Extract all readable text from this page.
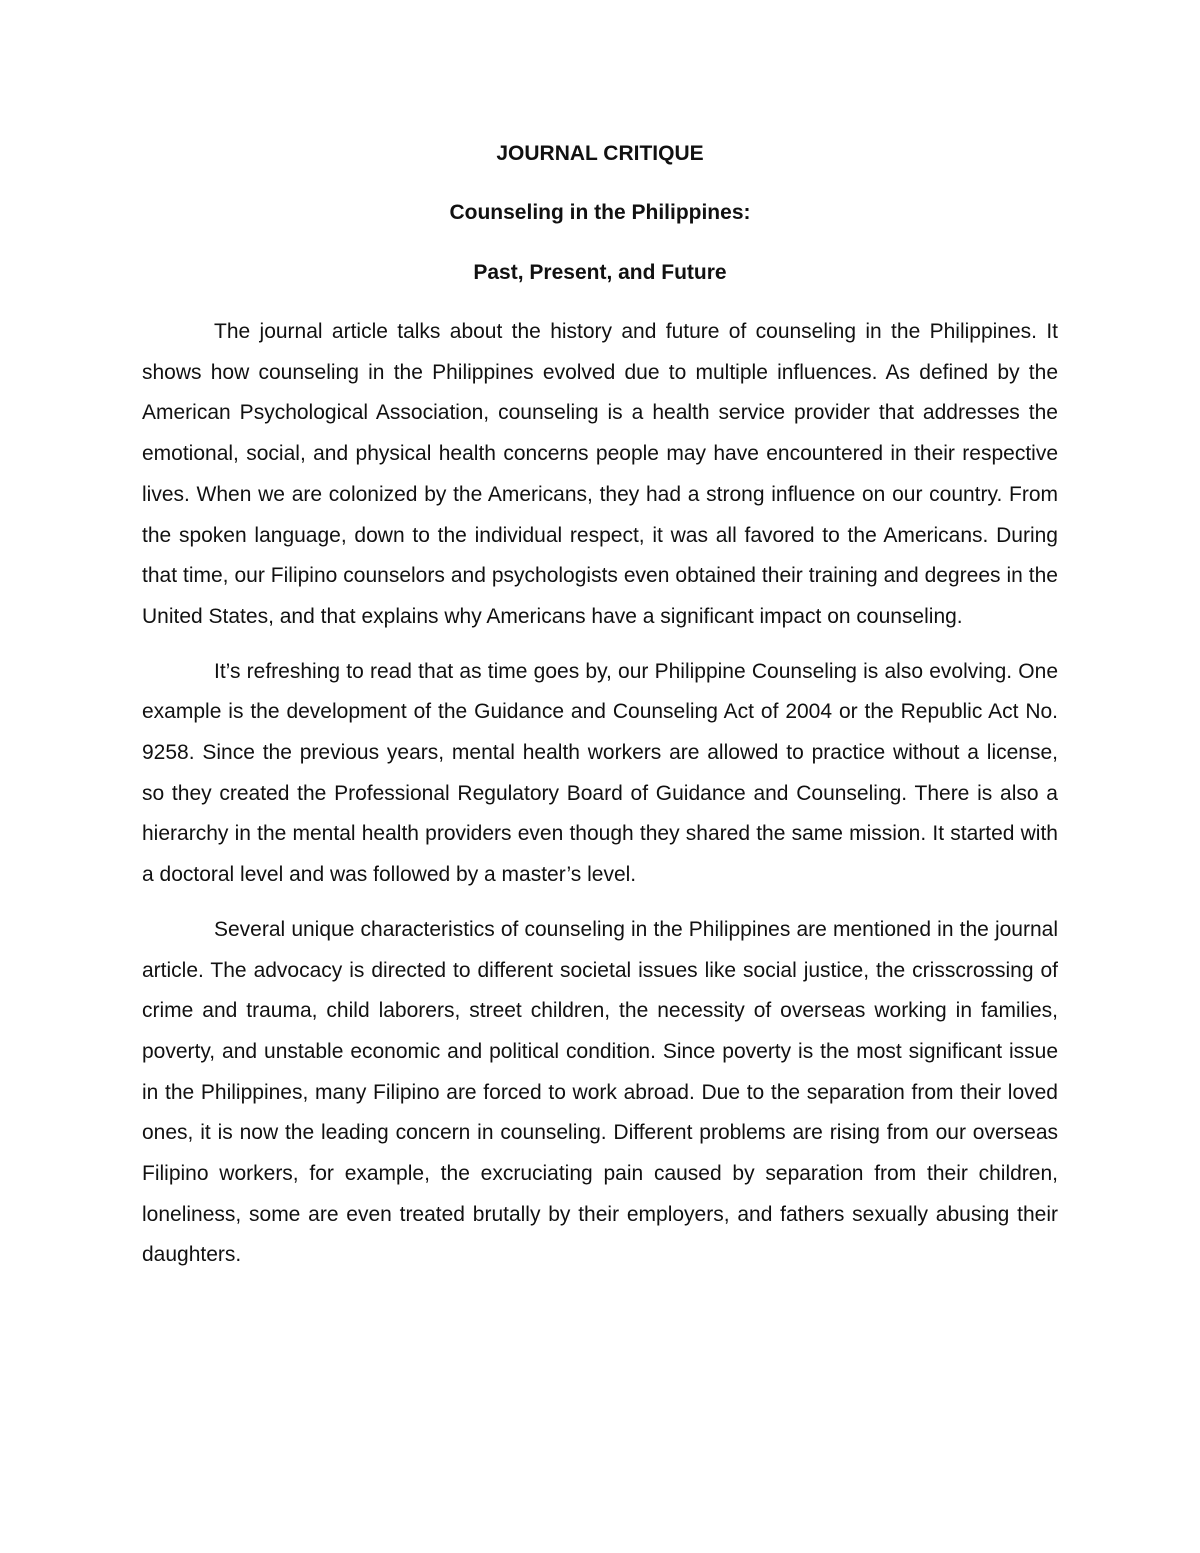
JOURNAL CRITIQUE

Counseling in the Philippines:

Past, Present, and Future

The journal article talks about the history and future of counseling in the Philippines. It shows how counseling in the Philippines evolved due to multiple influences. As defined by the American Psychological Association, counseling is a health service provider that addresses the emotional, social, and physical health concerns people may have encountered in their respective lives. When we are colonized by the Americans, they had a strong influence on our country. From the spoken language, down to the individual respect, it was all favored to the Americans. During that time, our Filipino counselors and psychologists even obtained their training and degrees in the United States, and that explains why Americans have a significant impact on counseling.

It’s refreshing to read that as time goes by, our Philippine Counseling is also evolving. One example is the development of the Guidance and Counseling Act of 2004 or the Republic Act No. 9258. Since the previous years, mental health workers are allowed to practice without a license, so they created the Professional Regulatory Board of Guidance and Counseling. There is also a hierarchy in the mental health providers even though they shared the same mission. It started with a doctoral level and was followed by a master’s level.

Several unique characteristics of counseling in the Philippines are mentioned in the journal article. The advocacy is directed to different societal issues like social justice, the crisscrossing of crime and trauma, child laborers, street children, the necessity of overseas working in families, poverty, and unstable economic and political condition. Since poverty is the most significant issue in the Philippines, many Filipino are forced to work abroad. Due to the separation from their loved ones, it is now the leading concern in counseling. Different problems are rising from our overseas Filipino workers, for example, the excruciating pain caused by separation from their children, loneliness, some are even treated brutally by their employers, and fathers sexually abusing their daughters.
